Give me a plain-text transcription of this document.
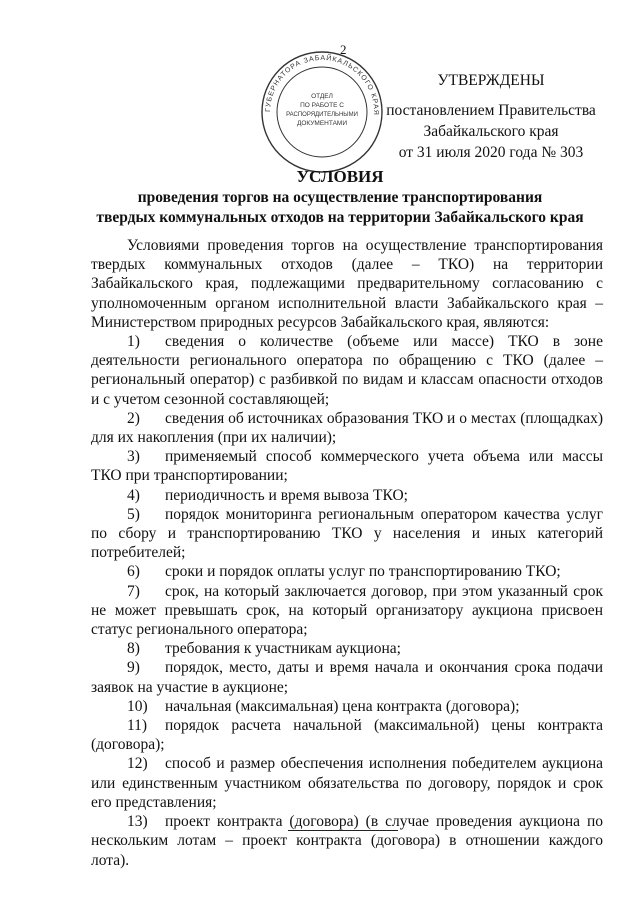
2
ГУБЕРНАТОРА ЗАБАЙКАЛЬСКОГО КРАЯ
ОТДЕЛ
ПО РАБОТЕ С
РАСПОРЯДИТЕЛЬНЫМИ
ДОКУМЕНТАМИ
УТВЕРЖДЕНЫ
постановлением Правительства
Забайкальского края
от 31 июля 2020 года № 303
УСЛОВИЯ
проведения торгов на осуществление транспортирования
твердых коммунальных отходов на территории Забайкальского края

Условиями проведения торгов на осуществление транспортирования твердых коммунальных отходов (далее – ТКО) на территории Забайкальского края, подлежащими предварительному согласованию с уполномоченным органом исполнительной власти Забайкальского края – Министерством природных ресурсов Забайкальского края, являются:

1) сведения о количестве (объеме или массе) ТКО в зоне деятельности регионального оператора по обращению с ТКО (далее – региональный оператор) с разбивкой по видам и классам опасности отходов и с учетом сезонной составляющей;

2) сведения об источниках образования ТКО и о местах (площадках) для их накопления (при их наличии);

3) применяемый способ коммерческого учета объема или массы ТКО при транспортировании;

4) периодичность и время вывоза ТКО;

5) порядок мониторинга региональным оператором качества услуг по сбору и транспортированию ТКО у населения и иных категорий потребителей;

6) сроки и порядок оплаты услуг по транспортированию ТКО;

7) срок, на который заключается договор, при этом указанный срок не может превышать срок, на который организатору аукциона присвоен статус регионального оператора;

8) требования к участникам аукциона;

9) порядок, место, даты и время начала и окончания срока подачи заявок на участие в аукционе;

10) начальная (максимальная) цена контракта (договора);

11) порядок расчета начальной (максимальной) цены контракта (договора);

12) способ и размер обеспечения исполнения победителем аукциона или единственным участником обязательства по договору, порядок и срок его представления;

13) проект контракта (договора) (в случае проведения аукциона по нескольким лотам – проект контракта (договора) в отношении каждого лота).
